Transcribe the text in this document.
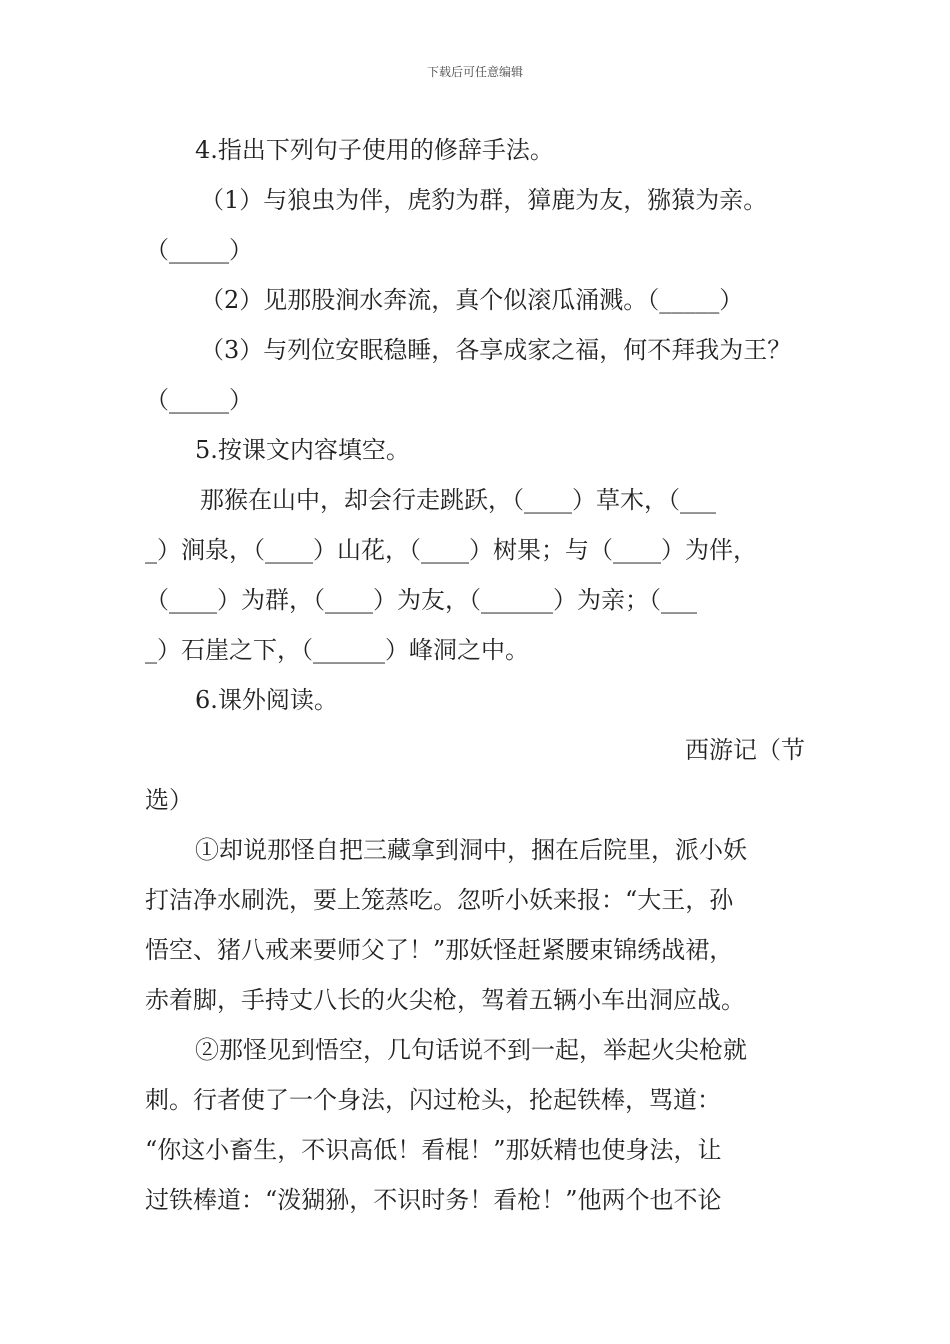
下载后可任意编辑
4.指出下列句子使用的修辞手法。
（1）与狼虫为伴，虎豹为群，獐鹿为友，猕猿为亲。
（_____）
（2）见那股涧水奔流，真个似滚瓜涌溅。（_____）
（3）与列位安眠稳睡，各享成家之福，何不拜我为王？
（_____）
5.按课文内容填空。
那猴在山中，却会行走跳跃，（____）草木，（___
_）涧泉，（____）山花，（____）树果；与（____）为伴，
（____）为群，（____）为友，（______）为亲；（___
_）石崖之下，（______）峰洞之中。
6.课外阅读。
西游记（节
选）
①却说那怪自把三藏拿到洞中，捆在后院里，派小妖
打洁净水刷洗，要上笼蒸吃。忽听小妖来报：“大王，孙
悟空、猪八戒来要师父了！”那妖怪赶紧腰束锦绣战裙，
赤着脚，手持丈八长的火尖枪，驾着五辆小车出洞应战。
②那怪见到悟空，几句话说不到一起，举起火尖枪就
刺。行者使了一个身法，闪过枪头，抡起铁棒，骂道：
“你这小畜生，不识高低！看棍！”那妖精也使身法，让
过铁棒道：“泼猢狲，不识时务！看枪！”他两个也不论
